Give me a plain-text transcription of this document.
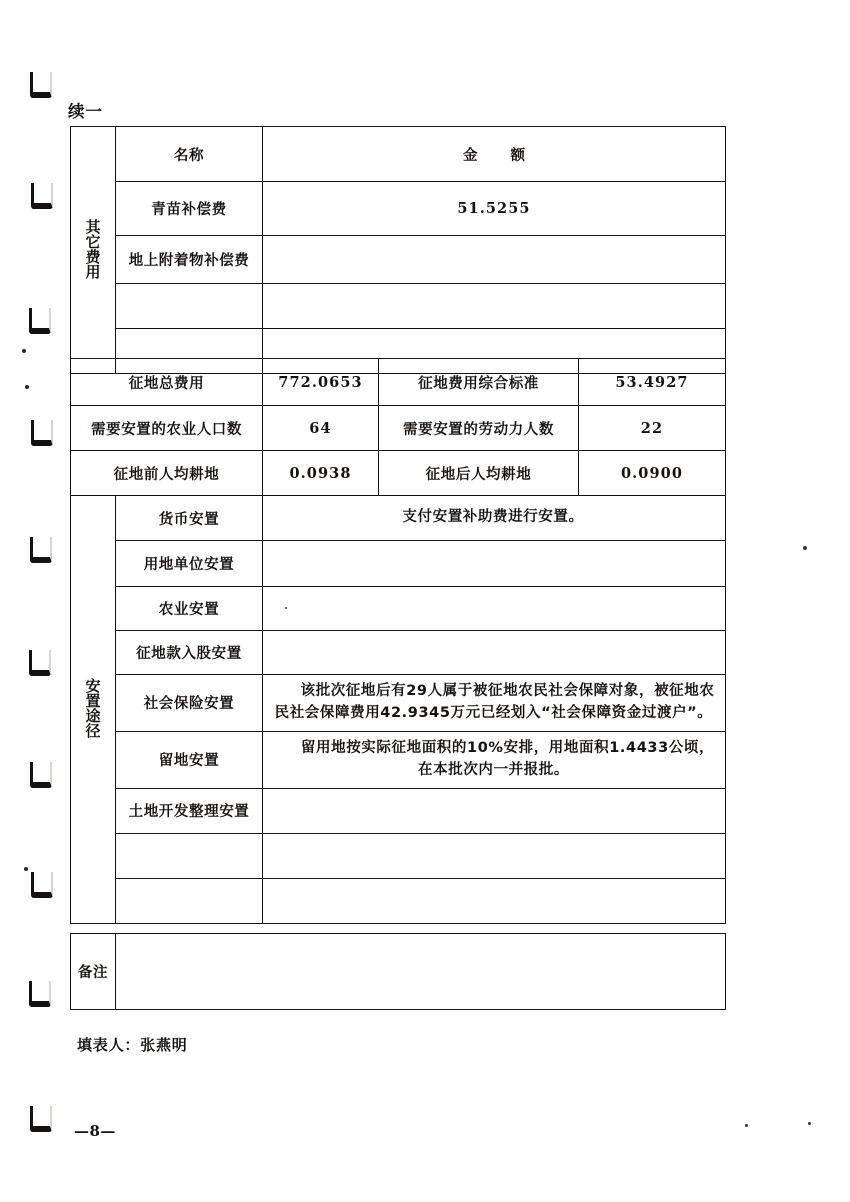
续一
其
它
费
用	名称	金 额
	青苗补偿费	51.5255
	地上附着物补偿费	

征地总费用	772.0653	征地费用综合标准	53.4927
需要安置的农业人口数	64	需要安置的劳动力人数	22
征地前人均耕地	0.0938	征地后人均耕地	0.0900
安
置
途
径	货币安置	支付安置补助费进行安置。
	用地单位安置	
	农业安置	
	征地款入股安置	
	社会保险安置	该批次征地后有29人属于被征地农民社会保障对象，被征地农民社会保障费用42.9345万元已经划入“社会保障资金过渡户”。
	留地安置	留用地按实际征地面积的10%安排，用地面积1.4433公顷，在本批次内一并报批。
	土地开发整理安置	

备注	
填表人：张燕明
—8—
